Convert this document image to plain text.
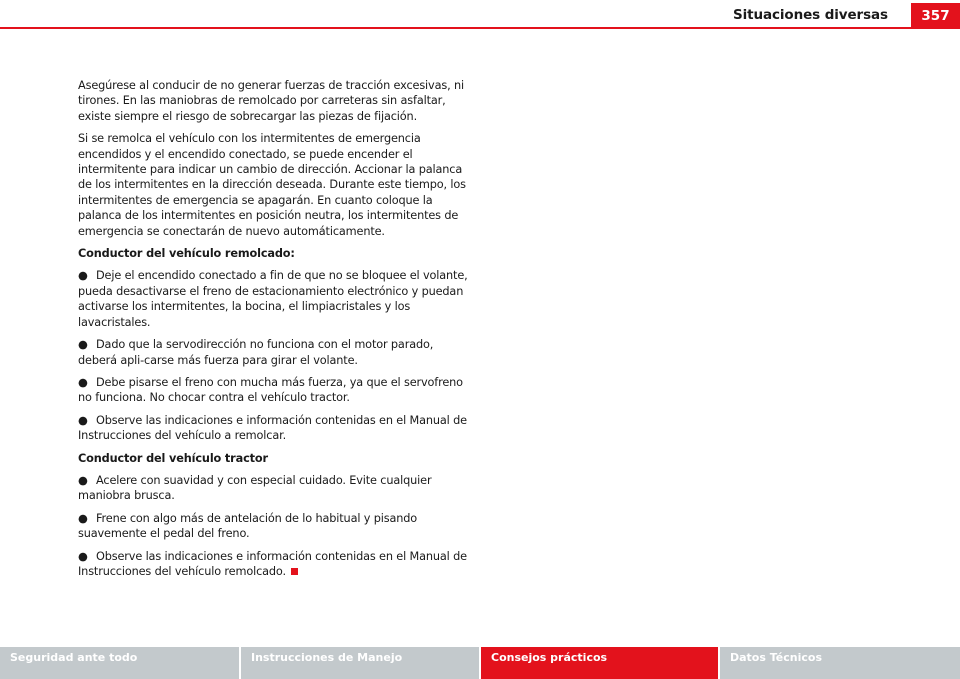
Situaciones diversas	357

Asegúrese al conducir de no generar fuerzas de tracción excesivas, ni tirones. En las maniobras de remolcado por carreteras sin asfaltar, existe siempre el riesgo de sobrecargar las piezas de fijación.

Si se remolca el vehículo con los intermitentes de emergencia encendidos y el encendido conectado, se puede encender el intermitente para indicar un cambio de dirección. Accionar la palanca de los intermitentes en la dirección deseada. Durante este tiempo, los intermitentes de emergencia se apagarán. En cuanto coloque la palanca de los intermitentes en posición neutra, los intermitentes de emergencia se conectarán de nuevo automáticamente.

Conductor del vehículo remolcado:

● Deje el encendido conectado a fin de que no se bloquee el volante, pueda desactivarse el freno de estacionamiento electrónico y puedan activarse los intermitentes, la bocina, el limpiacristales y los lavacristales.

● Dado que la servodirección no funciona con el motor parado, deberá apli-carse más fuerza para girar el volante.

● Debe pisarse el freno con mucha más fuerza, ya que el servofreno no funciona. No chocar contra el vehículo tractor.

● Observe las indicaciones e información contenidas en el Manual de Instrucciones del vehículo a remolcar.

Conductor del vehículo tractor

● Acelere con suavidad y con especial cuidado. Evite cualquier maniobra brusca.

● Frene con algo más de antelación de lo habitual y pisando suavemente el pedal del freno.

● Observe las indicaciones e información contenidas en el Manual de Instrucciones del vehículo remolcado.

Seguridad ante todo	Instrucciones de Manejo	Consejos prácticos	Datos Técnicos
